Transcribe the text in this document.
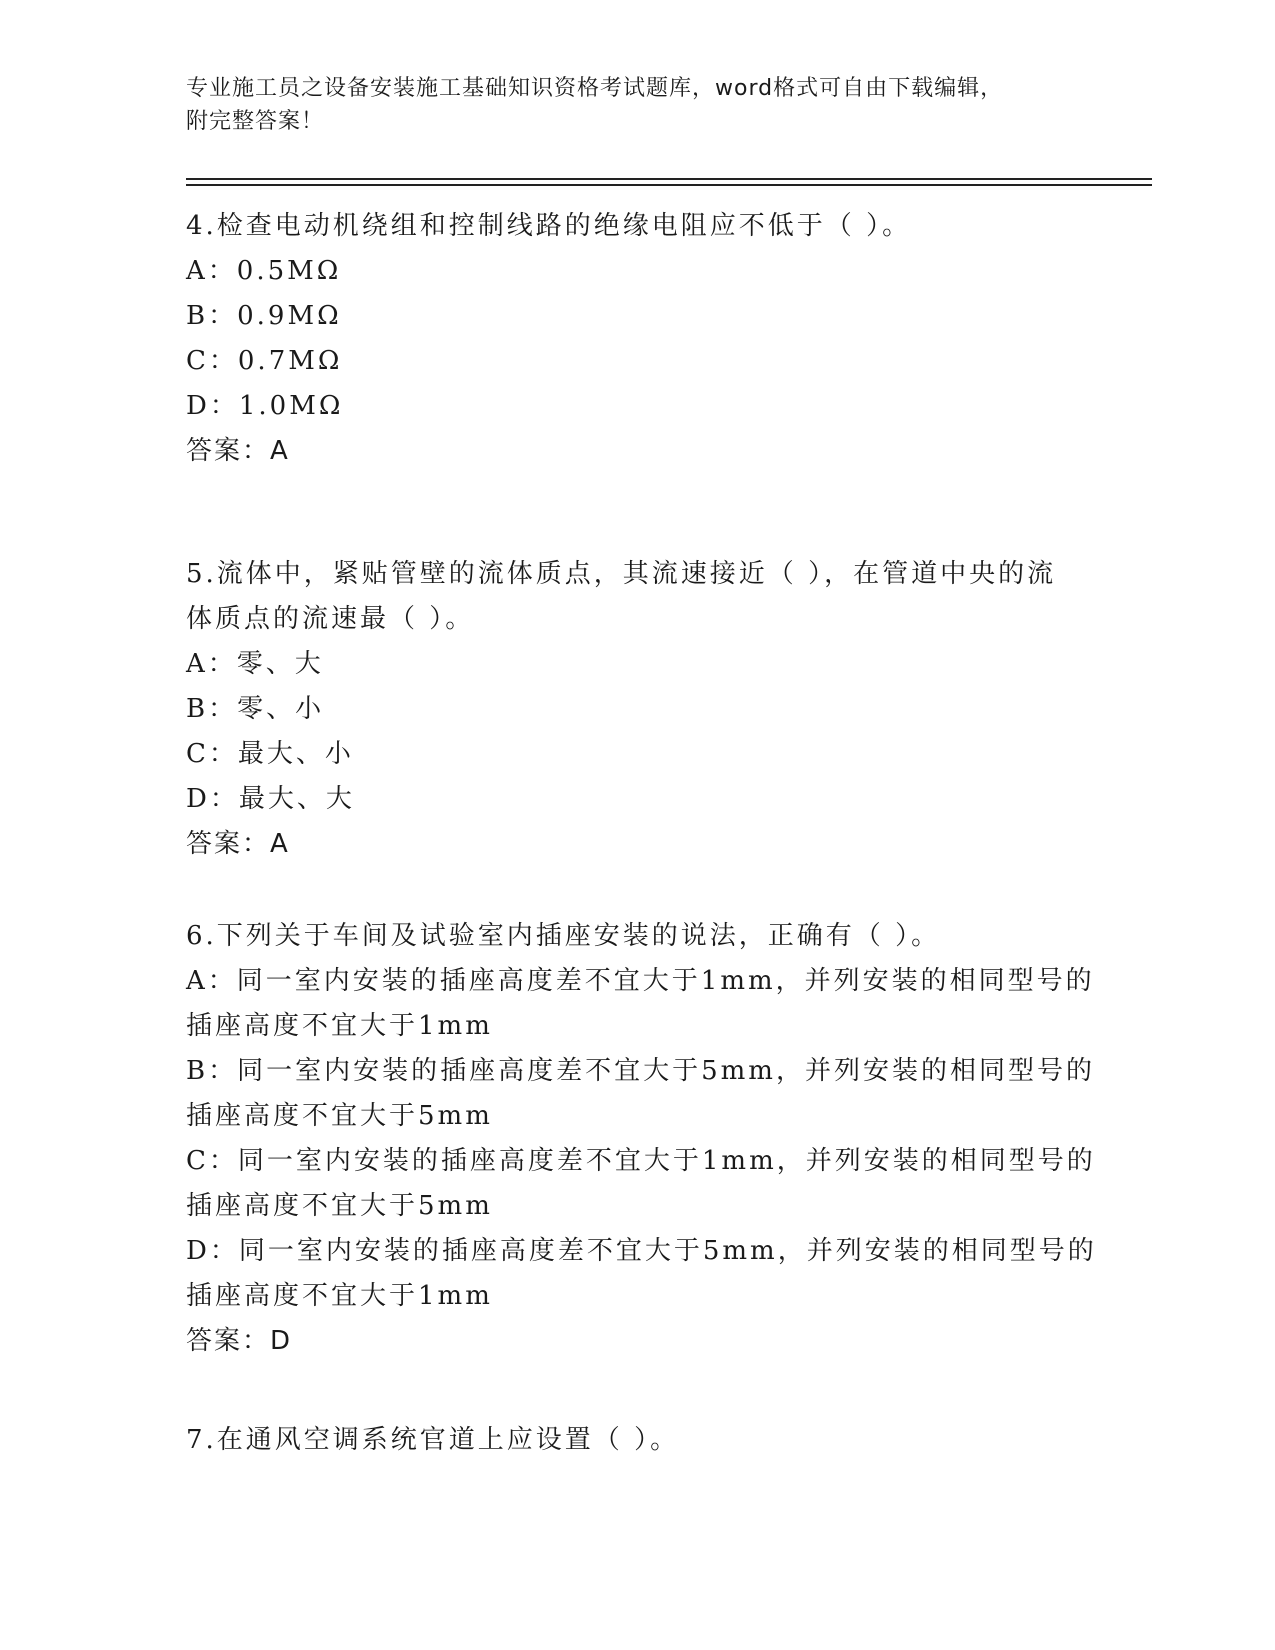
专业施工员之设备安装施工基础知识资格考试题库，word格式可自由下载编辑，
附完整答案！
4.检查电动机绕组和控制线路的绝缘电阻应不低于（ ）。
A：0.5MΩ
B：0.9MΩ
C：0.7MΩ
D：1.0MΩ
答案：A
5.流体中，紧贴管壁的流体质点，其流速接近（ ），在管道中央的流
体质点的流速最（ ）。
A：零、大
B：零、小
C：最大、小
D：最大、大
答案：A
6.下列关于车间及试验室内插座安装的说法，正确有（ ）。
A：同一室内安装的插座高度差不宜大于1mm，并列安装的相同型号的
插座高度不宜大于1mm
B：同一室内安装的插座高度差不宜大于5mm，并列安装的相同型号的
插座高度不宜大于5mm
C：同一室内安装的插座高度差不宜大于1mm，并列安装的相同型号的
插座高度不宜大于5mm
D：同一室内安装的插座高度差不宜大于5mm，并列安装的相同型号的
插座高度不宜大于1mm
答案：D
7.在通风空调系统官道上应设置（ ）。
